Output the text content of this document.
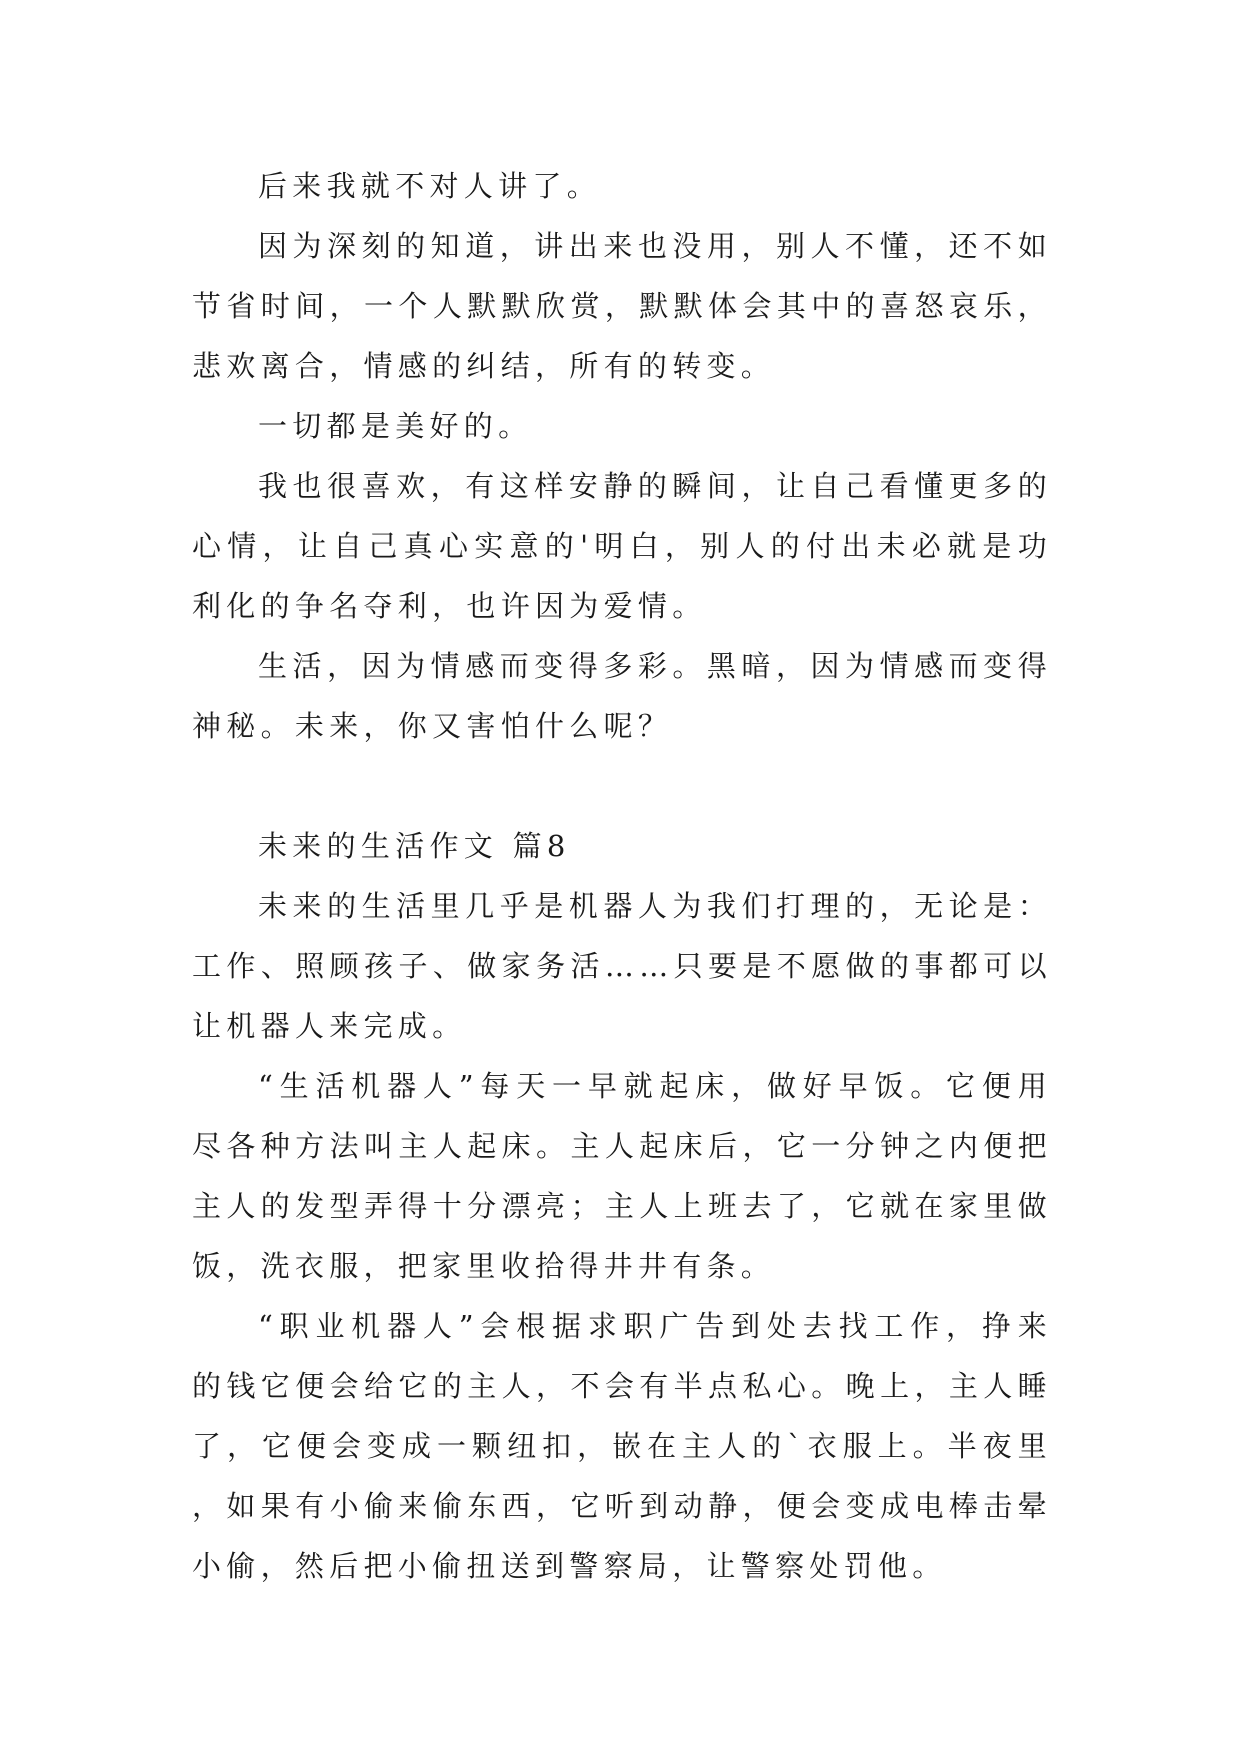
后来我就不对人讲了。

因为深刻的知道，讲出来也没用，别人不懂，还不如节省时间，一个人默默欣赏，默默体会其中的喜怒哀乐，悲欢离合，情感的纠结，所有的转变。

一切都是美好的。

我也很喜欢，有这样安静的瞬间，让自己看懂更多的心情，让自己真心实意的'明白，别人的付出未必就是功利化的争名夺利，也许因为爱情。

生活，因为情感而变得多彩。黑暗，因为情感而变得神秘。未来，你又害怕什么呢？

未来的生活作文 篇8

未来的生活里几乎是机器人为我们打理的，无论是：工作、照顾孩子、做家务活……只要是不愿做的事都可以让机器人来完成。

“生活机器人”每天一早就起床，做好早饭。它便用尽各种方法叫主人起床。主人起床后，它一分钟之内便把主人的发型弄得十分漂亮；主人上班去了，它就在家里做饭，洗衣服，把家里收拾得井井有条。

“职业机器人”会根据求职广告到处去找工作，挣来的钱它便会给它的主人，不会有半点私心。晚上，主人睡了，它便会变成一颗纽扣，嵌在主人的`衣服上。半夜里，如果有小偷来偷东西，它听到动静，便会变成电棒击晕小偷，然后把小偷扭送到警察局，让警察处罚他。
